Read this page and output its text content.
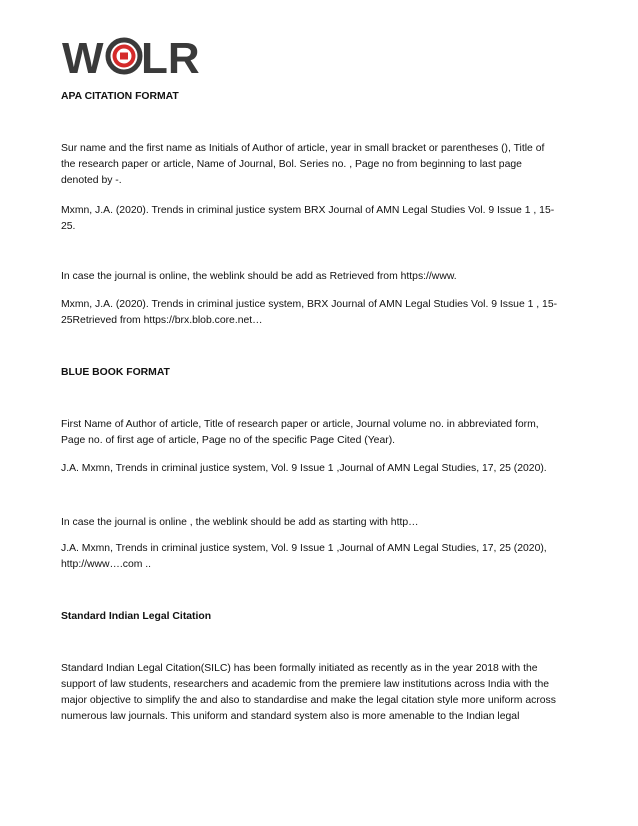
W LR
APA CITATION FORMAT
Sur name and the first name as Initials of Author of article, year in small bracket or parentheses (), Title of the research paper or article, Name of Journal, Bol. Series no. , Page no from beginning to last page denoted by -.
Mxmn, J.A. (2020). Trends in criminal justice system BRX Journal of AMN Legal Studies Vol. 9 Issue 1 , 15-25.
In case the journal is online, the weblink should be add as Retrieved from https://www.
Mxmn, J.A. (2020). Trends in criminal justice system, BRX Journal of AMN Legal Studies Vol. 9 Issue 1 , 15-25Retrieved from https://brx.blob.core.net…
BLUE BOOK FORMAT
First Name of Author of article, Title of research paper or article, Journal volume no. in abbreviated form, Page no. of first age of article, Page no of the specific Page Cited (Year).
J.A. Mxmn, Trends in criminal justice system, Vol. 9 Issue 1 ,Journal of AMN Legal Studies, 17, 25 (2020).
In case the journal is online , the weblink should be add as starting with http…
J.A. Mxmn, Trends in criminal justice system, Vol. 9 Issue 1 ,Journal of AMN Legal Studies, 17, 25 (2020), http://www….com ..
Standard Indian Legal Citation
Standard Indian Legal Citation(SILC) has been formally initiated as recently as in the year 2018 with the support of law students, researchers and academic from the premiere law institutions across India with the major objective to simplify the and also to standardise and make the legal citation style more uniform across numerous law journals. This uniform and standard system also is more amenable to the Indian legal
